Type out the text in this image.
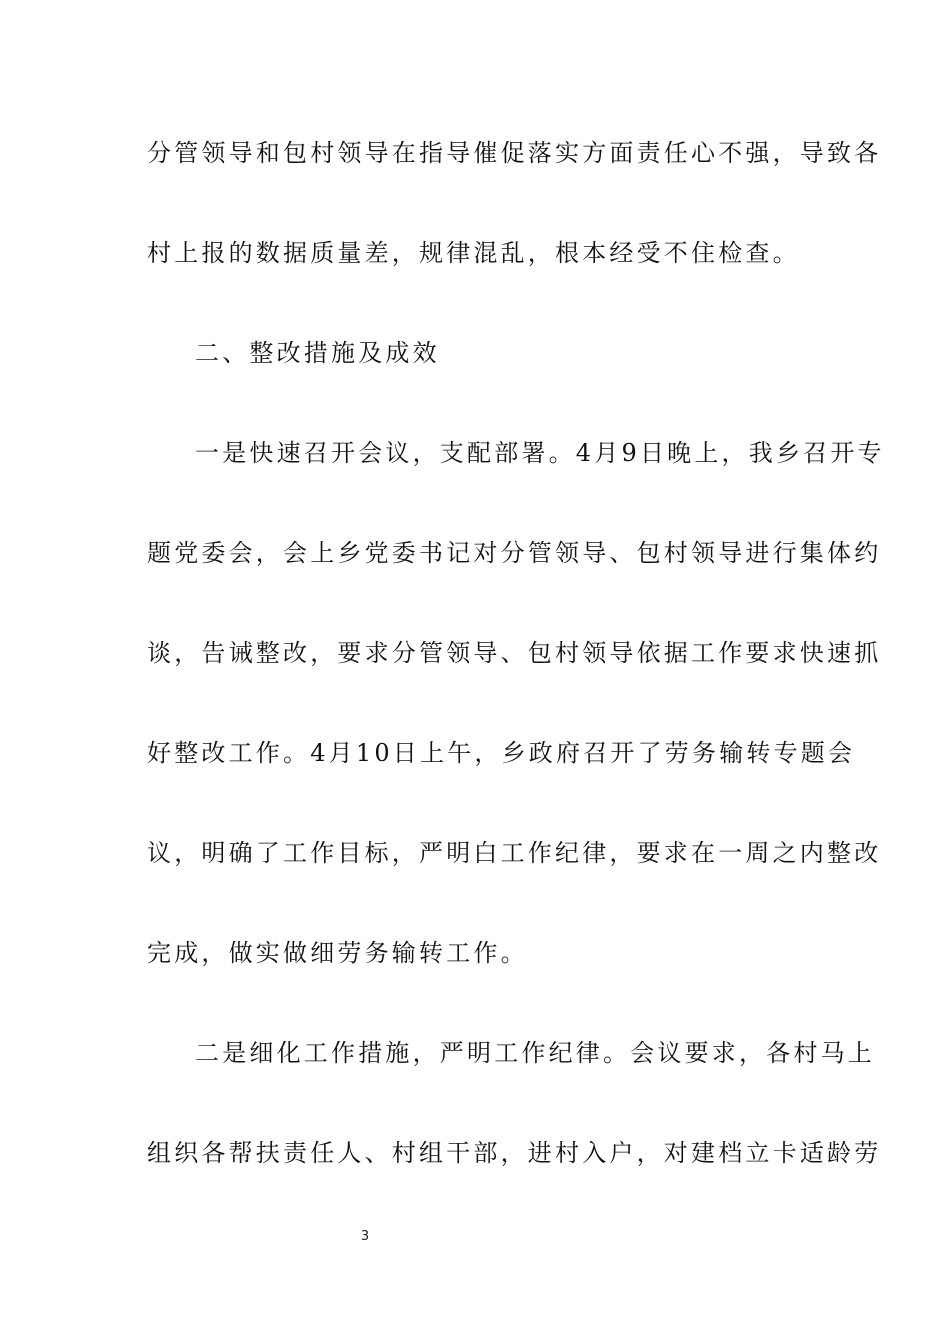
分管领导和包村领导在指导催促落实方面责任心不强，导致各
村上报的数据质量差，规律混乱，根本经受不住检查。
二、整改措施及成效
一是快速召开会议，支配部署。4月9日晚上，我乡召开专
题党委会，会上乡党委书记对分管领导、包村领导进行集体约
谈，告诫整改，要求分管领导、包村领导依据工作要求快速抓
好整改工作。4月10日上午，乡政府召开了劳务输转专题会
议，明确了工作目标，严明白工作纪律，要求在一周之内整改
完成，做实做细劳务输转工作。
二是细化工作措施，严明工作纪律。会议要求，各村马上
组织各帮扶责任人、村组干部，进村入户，对建档立卡适龄劳
3
